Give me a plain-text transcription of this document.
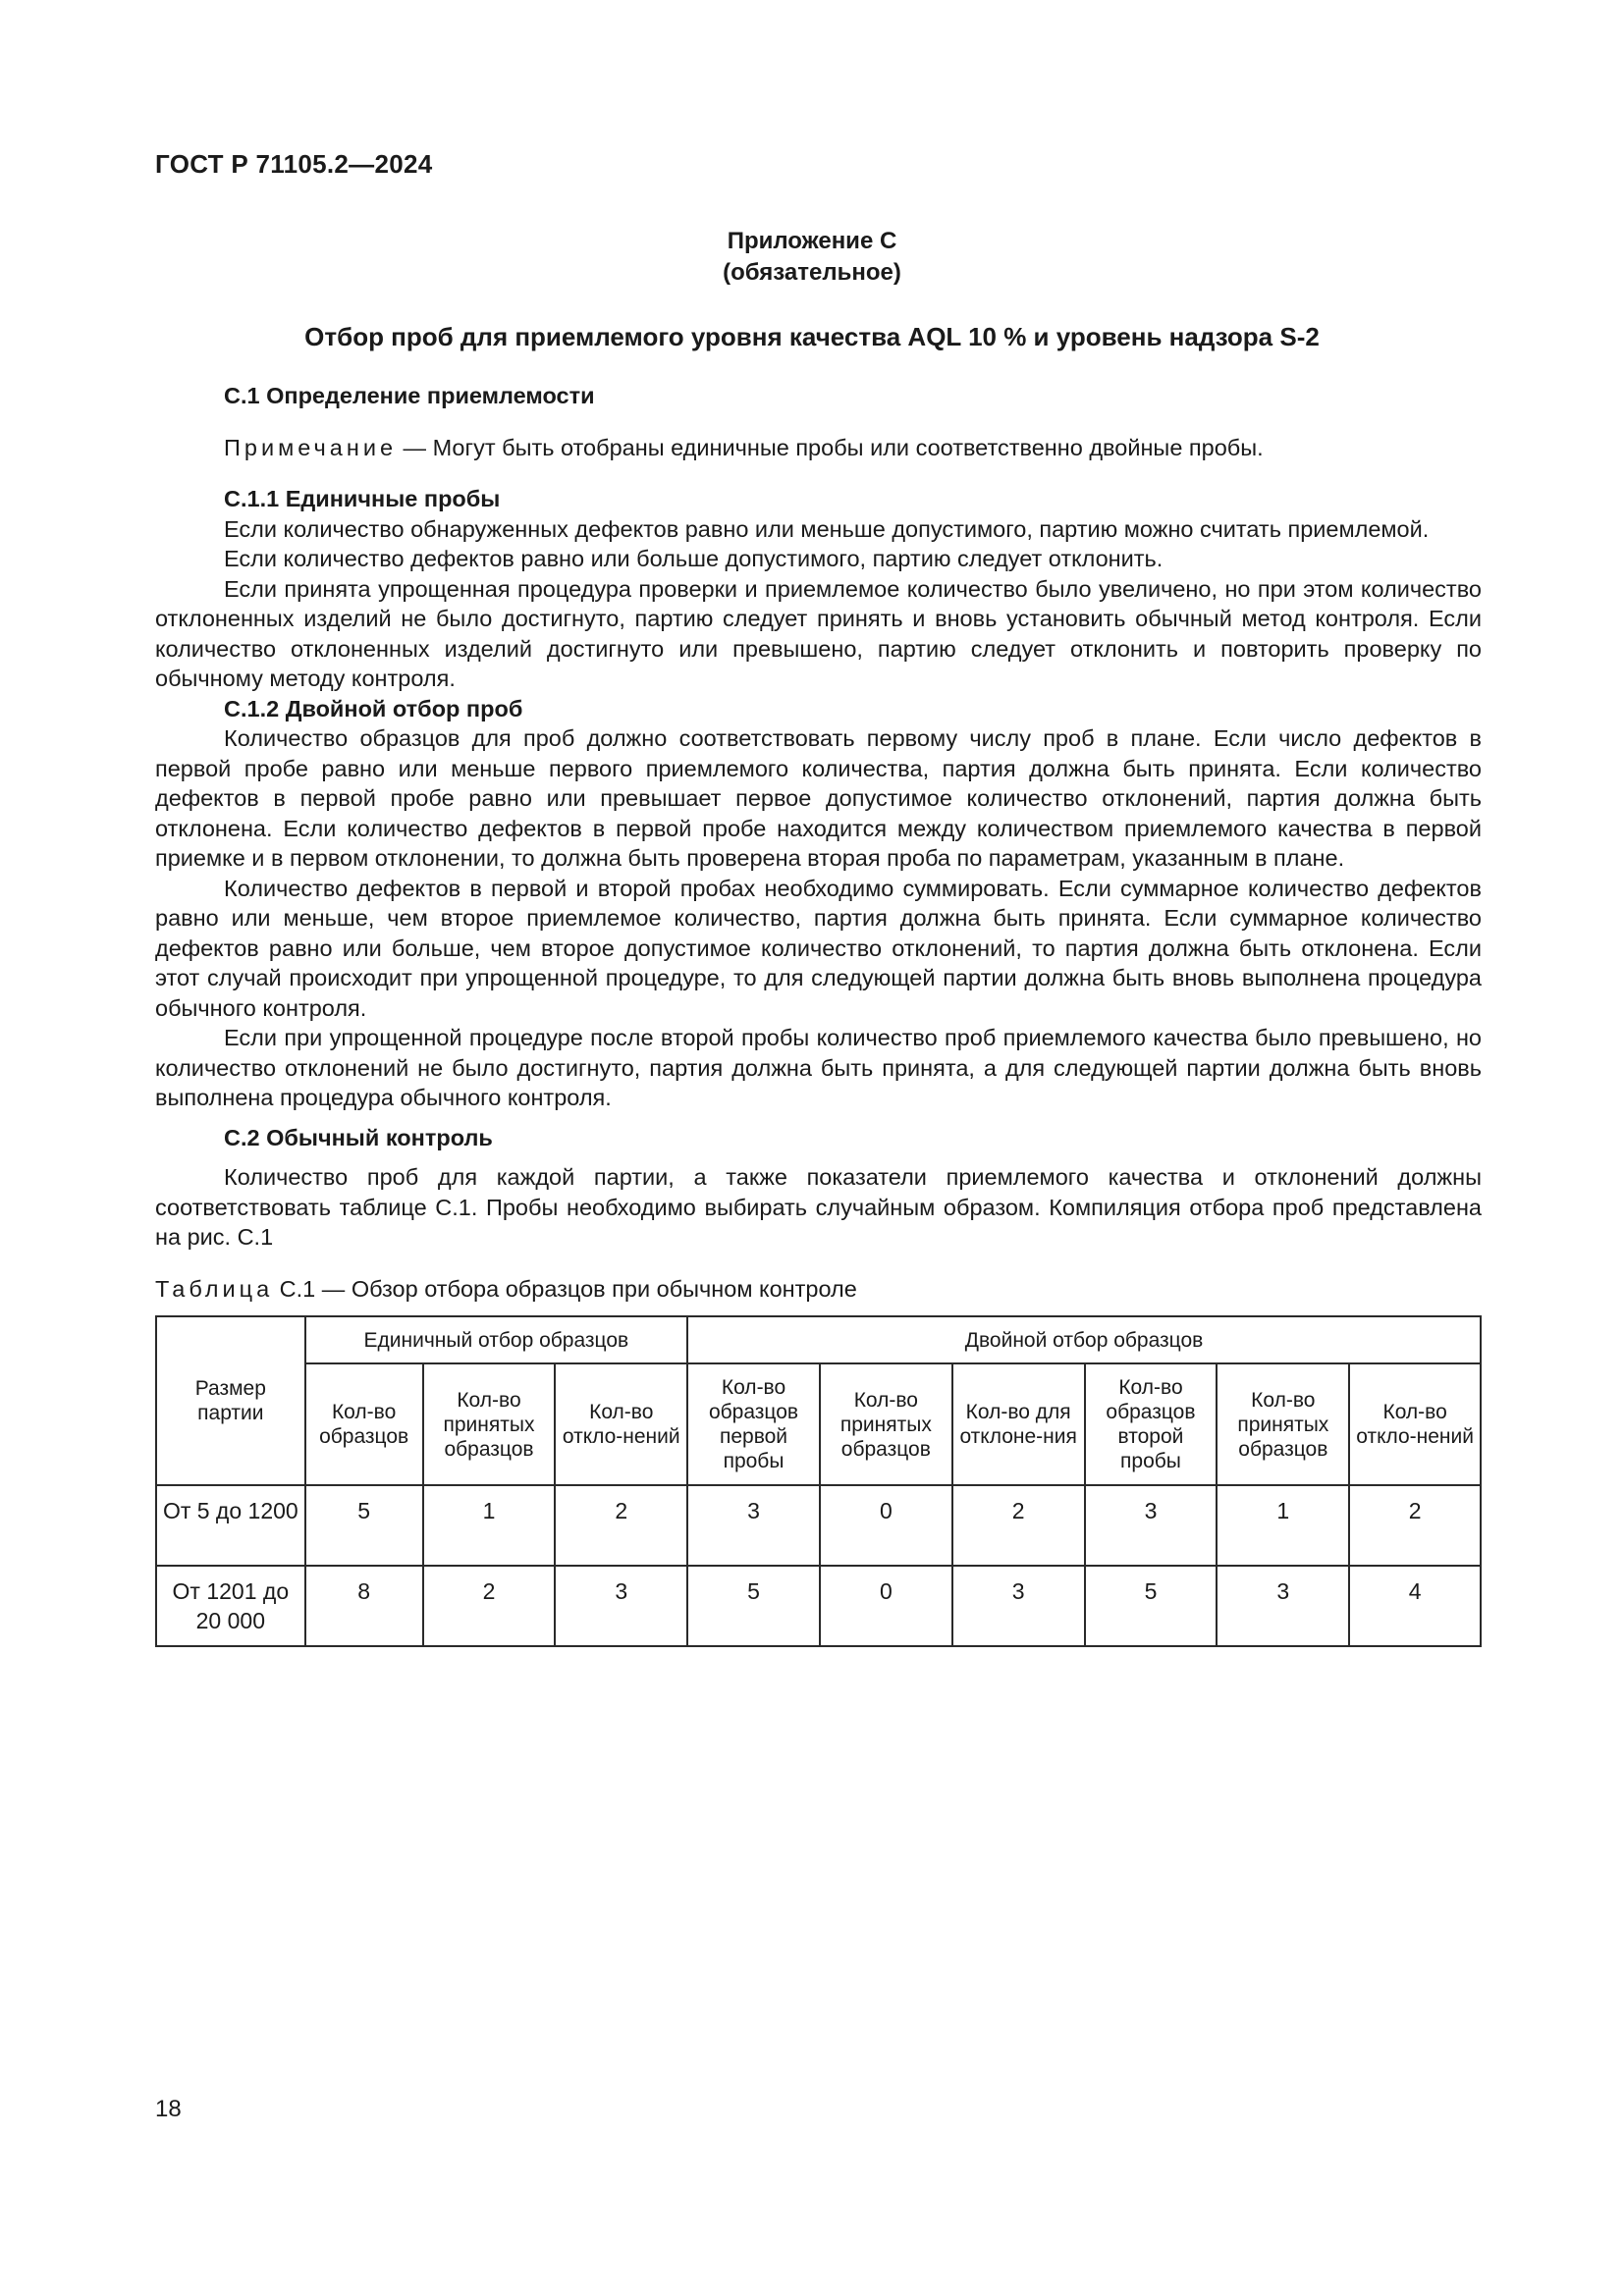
ГОСТ Р 71105.2—2024
Приложение С
(обязательное)
Отбор проб для приемлемого уровня качества AQL 10 % и уровень надзора S-2

С.1 Определение приемлемости

Примечание — Могут быть отобраны единичные пробы или соответственно двойные пробы.

С.1.1 Единичные пробы

Если количество обнаруженных дефектов равно или меньше допустимого, партию можно считать приемлемой.

Если количество дефектов равно или больше допустимого, партию следует отклонить.

Если принята упрощенная процедура проверки и приемлемое количество было увеличено, но при этом количество отклоненных изделий не было достигнуто, партию следует принять и вновь установить обычный метод контроля. Если количество отклоненных изделий достигнуто или превышено, партию следует отклонить и повторить проверку по обычному методу контроля.

С.1.2 Двойной отбор проб

Количество образцов для проб должно соответствовать первому числу проб в плане. Если число дефектов в первой пробе равно или меньше первого приемлемого количества, партия должна быть принята. Если количество дефектов в первой пробе равно или превышает первое допустимое количество отклонений, партия должна быть отклонена. Если количество дефектов в первой пробе находится между количеством приемлемого качества в первой приемке и в первом отклонении, то должна быть проверена вторая проба по параметрам, указанным в плане.

Количество дефектов в первой и второй пробах необходимо суммировать. Если суммарное количество дефектов равно или меньше, чем второе приемлемое количество, партия должна быть принята. Если суммарное количество дефектов равно или больше, чем второе допустимое количество отклонений, то партия должна быть отклонена. Если этот случай происходит при упрощенной процедуре, то для следующей партии должна быть вновь выполнена процедура обычного контроля.

Если при упрощенной процедуре после второй пробы количество проб приемлемого качества было превышено, но количество отклонений не было достигнуто, партия должна быть принята, а для следующей партии должна быть вновь выполнена процедура обычного контроля.

С.2 Обычный контроль

Количество проб для каждой партии, а также показатели приемлемого качества и отклонений должны соответствовать таблице С.1. Пробы необходимо выбирать случайным образом. Компиляция отбора проб представлена на рис. С.1

Таблица С.1 — Обзор отбора образцов при обычном контроле

Размер партии	Единичный отбор образцов			Двойной отбор образцов					
	Кол-во образцов	Кол-во принятых образцов	Кол-во откло-нений	Кол-во образцов первой пробы	Кол-во принятых образцов	Кол-во для отклоне-ния	Кол-во образцов второй пробы	Кол-во принятых образцов	Кол-во откло-нений
От 5 до 1200	5	1	2	3	0	2	3	1	2
От 1201 до 20 000	8	2	3	5	0	3	5	3	4
18
